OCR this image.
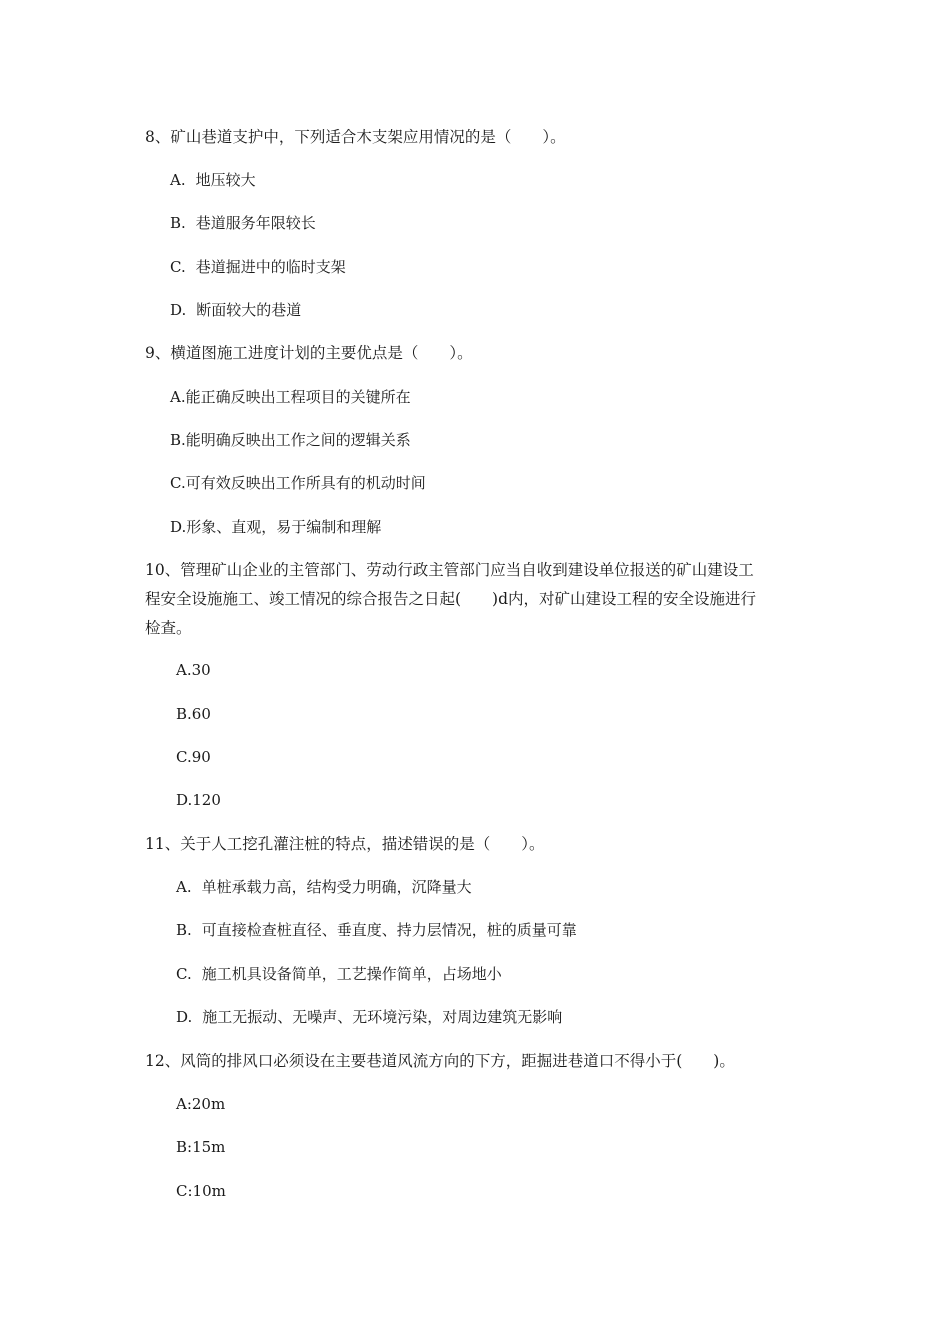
8、矿山巷道支护中，下列适合木支架应用情况的是（　　）。
A. 地压较大
B. 巷道服务年限较长
C. 巷道掘进中的临时支架
D. 断面较大的巷道
9、横道图施工进度计划的主要优点是（　　）。
A.能正确反映出工程项目的关键所在
B.能明确反映出工作之间的逻辑关系
C.可有效反映出工作所具有的机动时间
D.形象、直观，易于编制和理解
10、管理矿山企业的主管部门、劳动行政主管部门应当自收到建设单位报送的矿山建设工
程安全设施施工、竣工情况的综合报告之日起(　　)d内，对矿山建设工程的安全设施进行
检查。
A.30
B.60
C.90
D.120
11、关于人工挖孔灌注桩的特点，描述错误的是（　　）。
A. 单桩承载力高，结构受力明确，沉降量大
B. 可直接检查桩直径、垂直度、持力层情况，桩的质量可靠
C. 施工机具设备简单，工艺操作简单，占场地小
D. 施工无振动、无噪声、无环境污染，对周边建筑无影响
12、风筒的排风口必须设在主要巷道风流方向的下方，距掘进巷道口不得小于(　　)。
A:20m
B:15m
C:10m
